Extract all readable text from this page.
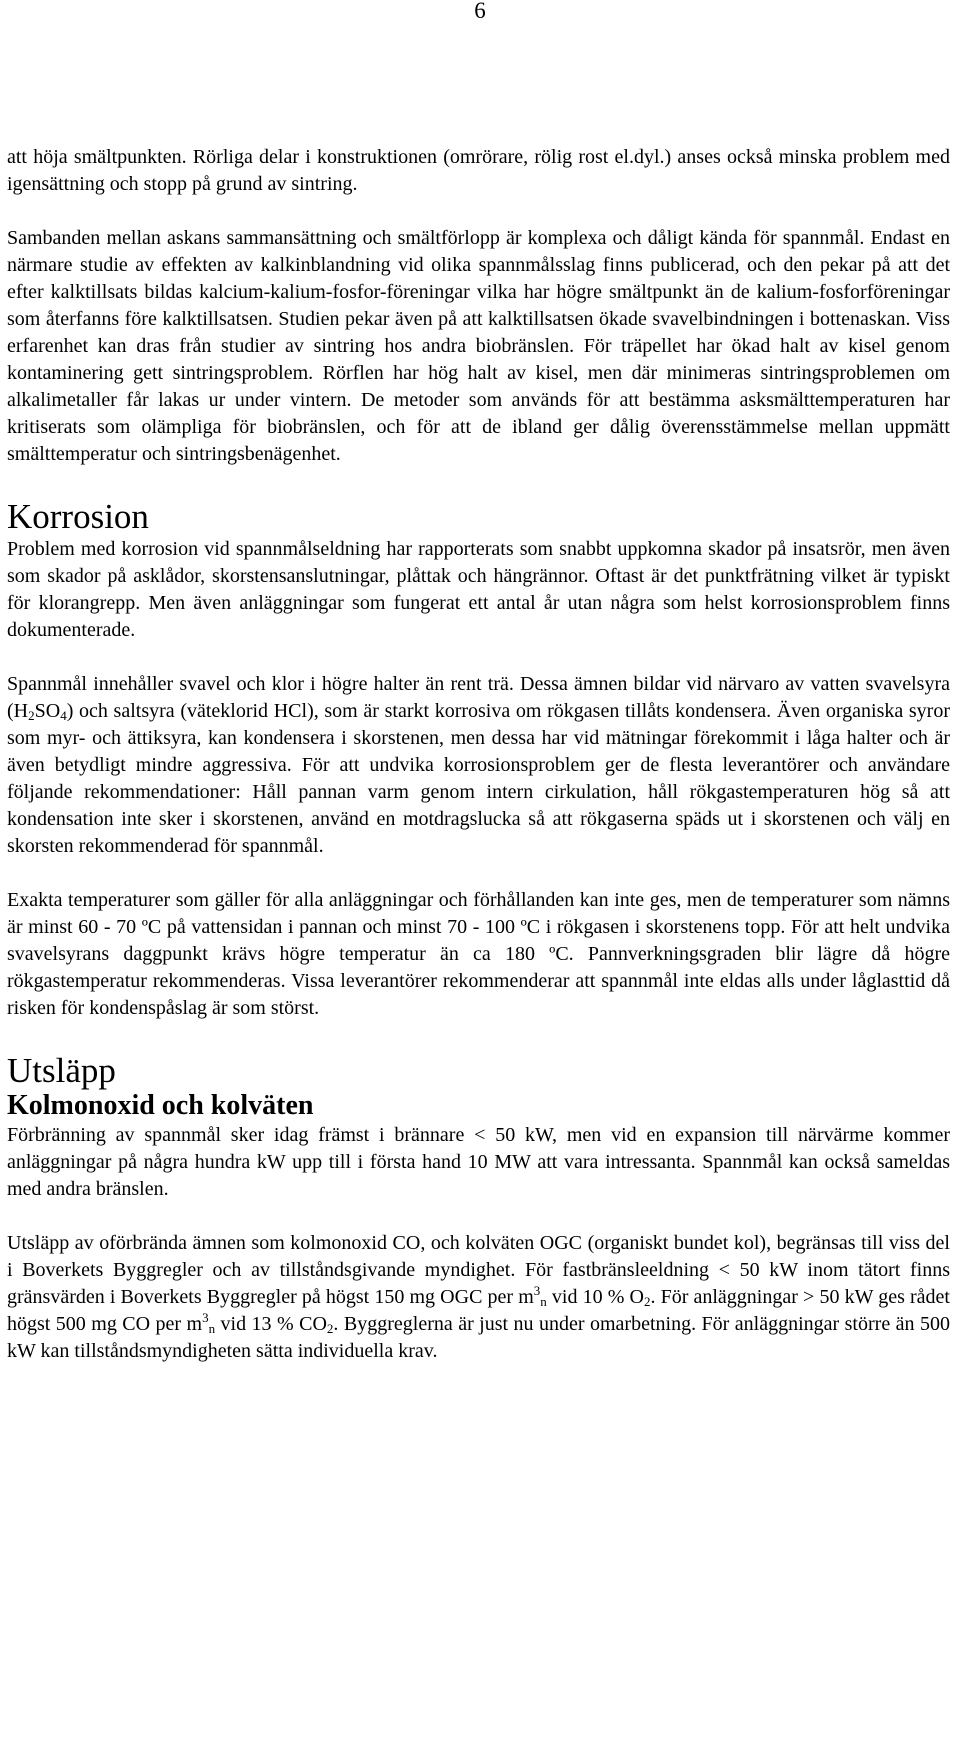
6

att höja smältpunkten. Rörliga delar i konstruktionen (omrörare, rölig rost el.dyl.) anses också minska problem med igensättning och stopp på grund av sintring.

Sambanden mellan askans sammansättning och smältförlopp är komplexa och dåligt kända för spannmål. Endast en närmare studie av effekten av kalkinblandning vid olika spannmålsslag finns publicerad, och den pekar på att det efter kalktillsats bildas kalcium-kalium-fosfor-föreningar vilka har högre smältpunkt än de kalium-fosforföreningar som återfanns före kalktillsatsen. Studien pekar även på att kalktillsatsen ökade svavelbindningen i bottenaskan. Viss erfarenhet kan dras från studier av sintring hos andra biobränslen. För träpellet har ökad halt av kisel genom kontaminering gett sintringsproblem. Rörflen har hög halt av kisel, men där minimeras sintringsproblemen om alkalimetaller får lakas ur under vintern. De metoder som används för att bestämma asksmälttemperaturen har kritiserats som olämpliga för biobränslen, och för att de ibland ger dålig överensstämmelse mellan uppmätt smälttemperatur och sintringsbenägenhet.

Korrosion

Problem med korrosion vid spannmålseldning har rapporterats som snabbt uppkomna skador på insatsrör, men även som skador på asklådor, skorstensanslutningar, plåttak och hängrännor. Oftast är det punktfrätning vilket är typiskt för klorangrepp. Men även anläggningar som fungerat ett antal år utan några som helst korrosionsproblem finns dokumenterade.

Spannmål innehåller svavel och klor i högre halter än rent trä. Dessa ämnen bildar vid närvaro av vatten svavelsyra $(H_2SO_4)$ och saltsyra (väteklorid HCl), som är starkt korrosiva om rökgasen tillåts kondensera. Även organiska syror som myr- och ättiksyra, kan kondensera i skorstenen, men dessa har vid mätningar förekommit i låga halter och är även betydligt mindre aggressiva. För att undvika korrosionsproblem ger de flesta leverantörer och användare följande rekommendationer: Håll pannan varm genom intern cirkulation, håll rökgastemperaturen hög så att kondensation inte sker i skorstenen, använd en motdragslucka så att rökgaserna späds ut i skorstenen och välj en skorsten rekommenderad för spannmål.

Exakta temperaturer som gäller för alla anläggningar och förhållanden kan inte ges, men de temperaturer som nämns är minst 60 - 70 ºC på vattensidan i pannan och minst 70 - 100 ºC i rökgasen i skorstenens topp. För att helt undvika svavelsyrans daggpunkt krävs högre temperatur än ca 180 ºC. Pannverkningsgraden blir lägre då högre rökgastemperatur rekommenderas. Vissa leverantörer rekommenderar att spannmål inte eldas alls under låglasttid då risken för kondenspåslag är som störst.

Utsläpp
Kolmonoxid och kolväten

Förbränning av spannmål sker idag främst i brännare < 50 kW, men vid en expansion till närvärme kommer anläggningar på några hundra kW upp till i första hand 10 MW att vara intressanta. Spannmål kan också sameldas med andra bränslen.

Utsläpp av oförbrända ämnen som kolmonoxid CO, och kolväten OGC (organiskt bundet kol), begränsas till viss del i Boverkets Byggregler och av tillståndsgivande myndighet. För fastbränsleeldning < 50 kW inom tätort finns gränsvärden i Boverkets Byggregler på högst 150 mg OGC per $m^3_n$ vid 10 % $O_2$. För anläggningar > 50 kW ges rådet högst 500 mg CO per $m^3_n$ vid 13 % $CO_2$. Byggreglerna är just nu under omarbetning. För anläggningar större än 500 kW kan tillståndsmyndigheten sätta individuella krav.
